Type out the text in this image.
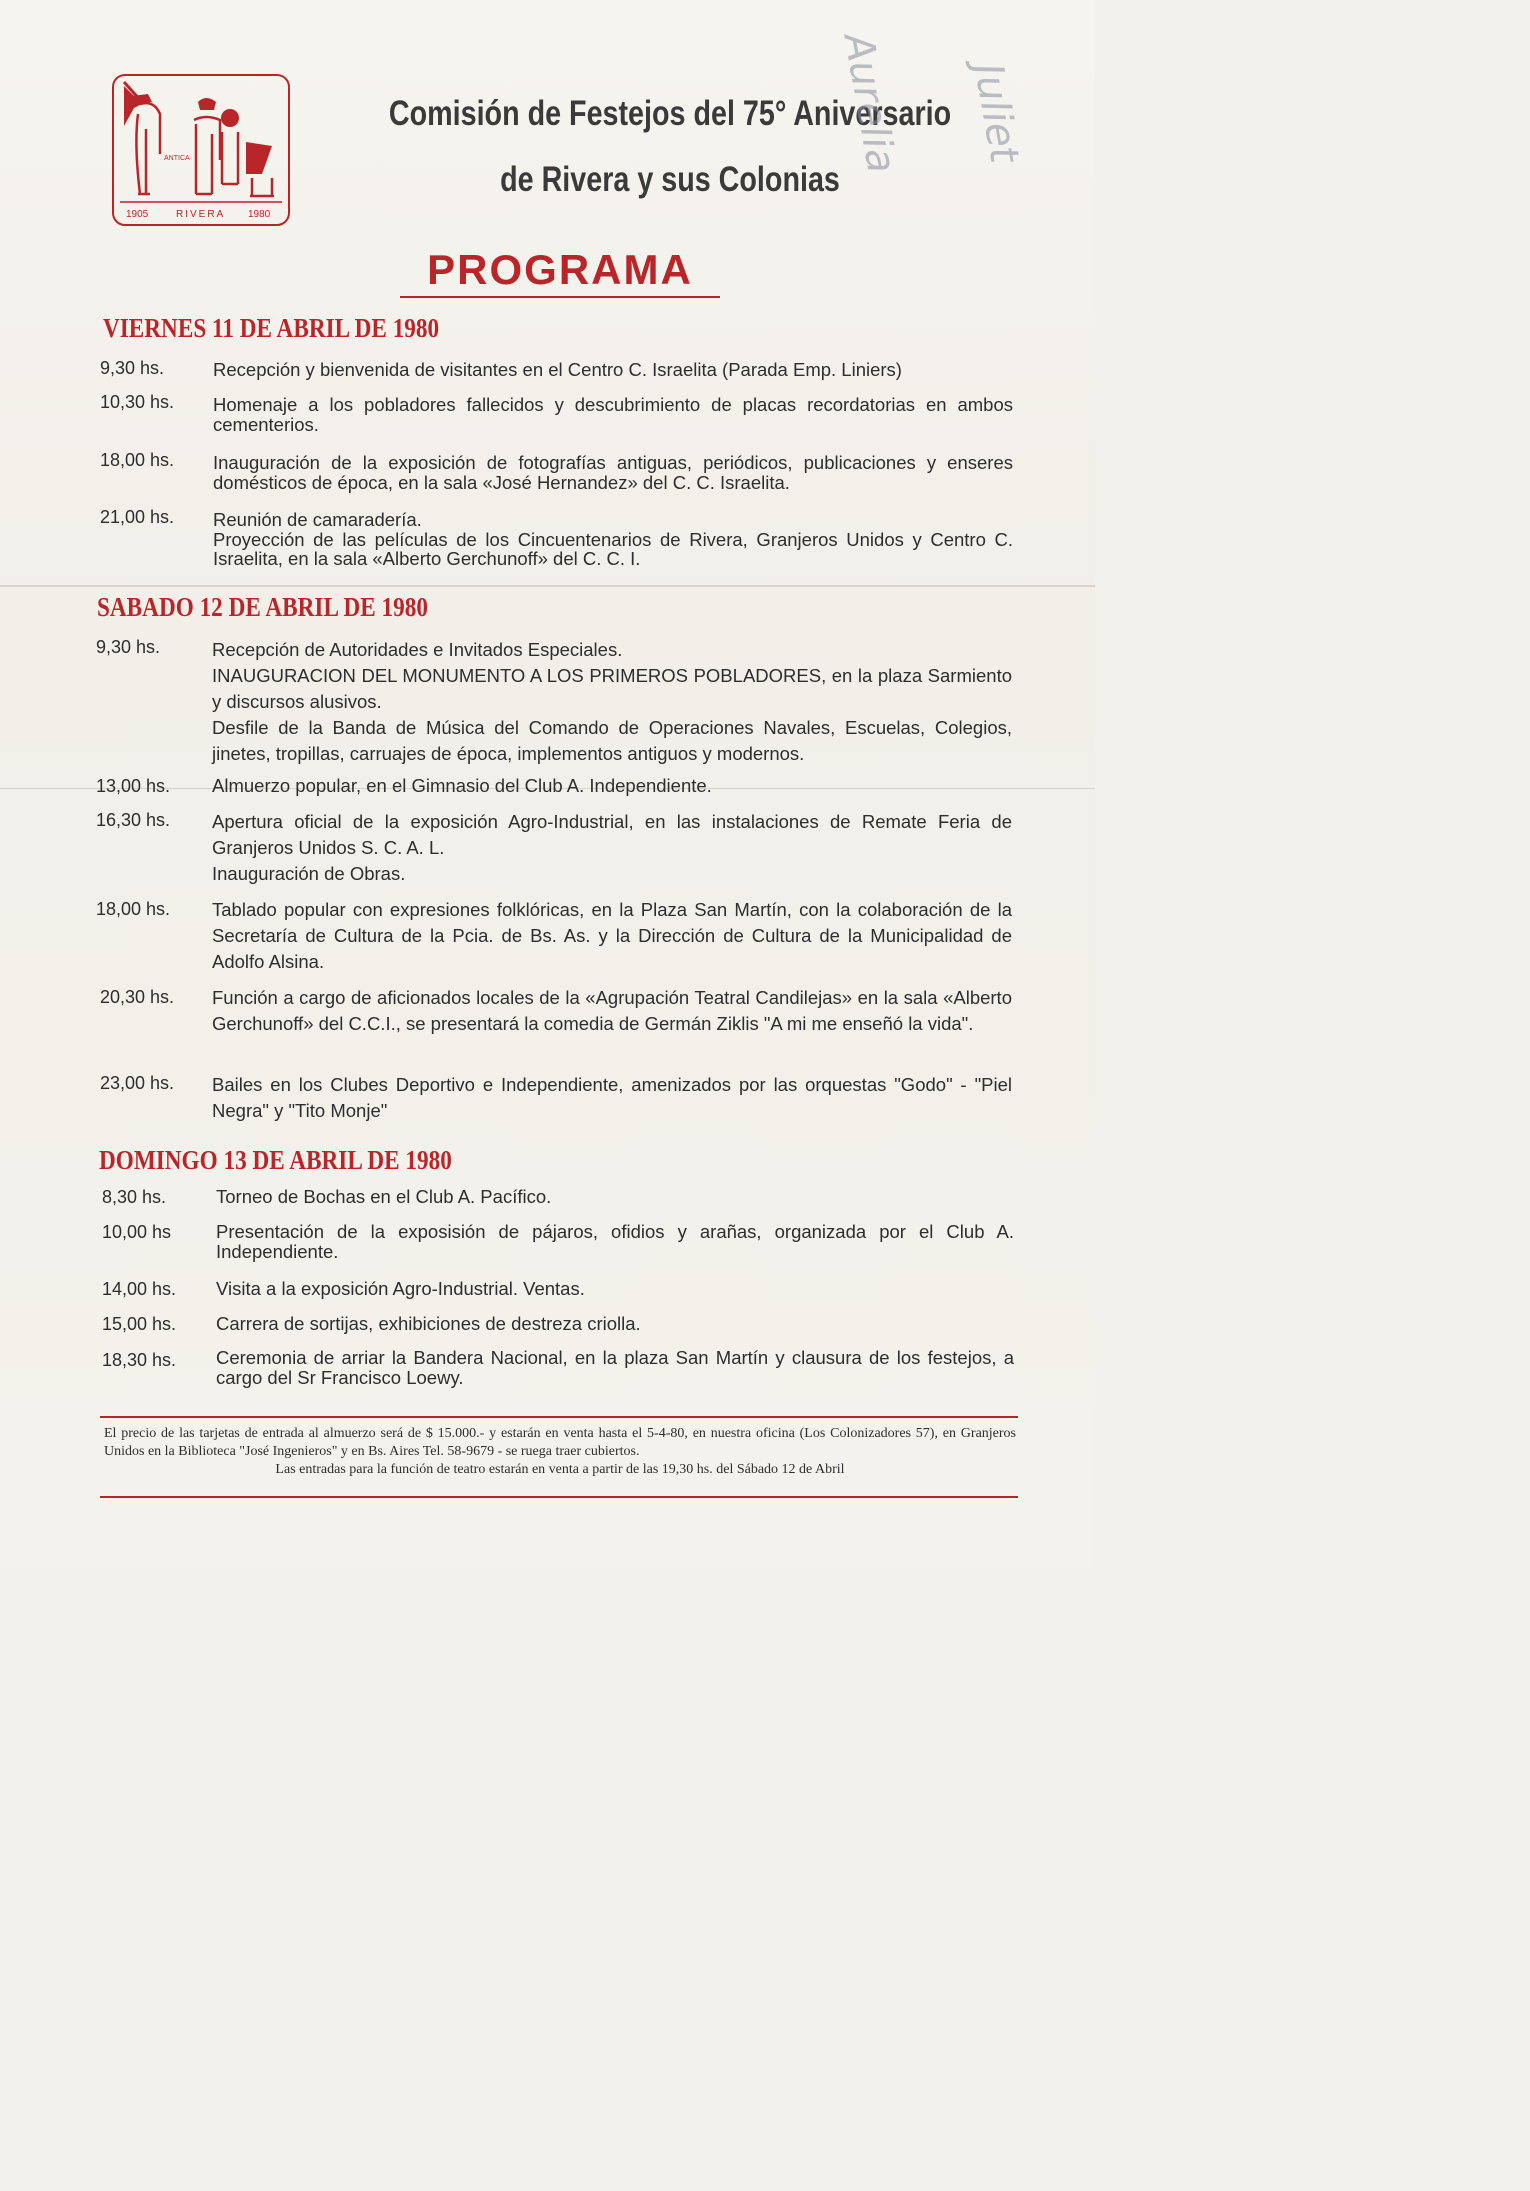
ANTICA
1905	RIVERA 1980
Comisión de Festejos del 75° Aniversario
de Rivera y sus Colonias
PROGRAMA
Aurelia Juliet
VIERNES 11 DE ABRIL DE 1980
9,30 hs.	Recepción y bienvenida de visitantes en el Centro C. Israelita (Parada Emp. Liniers)

10,30 hs. Homenaje a los pobladores fallecidos y descubrimiento de placas recordatorias en ambos cementerios.

18,00 hs. Inauguración de la exposición de fotografías antiguas, periódicos, publicaciones y enseres domésticos de época, en la sala «José Hernandez» del C. C. Israelita.

21,00 hs. Reunión de camaradería.

Proyección de las películas de los Cincuentenarios de Rivera, Granjeros Unidos y Centro C. Israelita, en la sala «Alberto Gerchunoff» del C. C. I.

SABADO 12 DE ABRIL DE 1980
9,30 hs.	Recepción de Autoridades e Invitados Especiales.

INAUGURACION DEL MONUMENTO A LOS PRIMEROS POBLADORES, en la plaza Sarmiento y discursos alusivos.

Desfile de la Banda de Música del Comando de Operaciones Navales, Escuelas, Colegios, jinetes, tropillas, carruajes de época, implementos antiguos y modernos.

13,00 hs. Almuerzo popular, en el Gimnasio del Club A. Independiente.

16,30 hs. Apertura oficial de la exposición Agro-Industrial, en las instalaciones de Remate Feria de Granjeros Unidos S. C. A. L.

Inauguración de Obras.

18,00 hs. Tablado popular con expresiones folklóricas, en la Plaza San Martín, con la colaboración de la Secretaría de Cultura de la Pcia. de Bs. As. y la Dirección de Cultura de la Municipalidad de Adolfo Alsina.

20,30 hs. Función a cargo de aficionados locales de la «Agrupación Teatral Candilejas» en la sala «Alberto Gerchunoff» del C.C.I., se presentará la comedia de Germán Ziklis "A mi me enseñó la vida".

23,00 hs. Bailes en los Clubes Deportivo e Independiente, amenizados por las orquestas "Godo" - "Piel Negra" y "Tito Monje"

DOMINGO 13 DE ABRIL DE 1980
8,30 hs.	Torneo de Bochas en el Club A. Pacífico.

10,00 hs Presentación de la exposisión de pájaros, ofidios y arañas, organizada por el Club A. Independiente.

14,00 hs. Visita a la exposición Agro-Industrial. Ventas.

15,00 hs. Carrera de sortijas, exhibiciones de destreza criolla.

18,30 hs. Ceremonia de arriar la Bandera Nacional, en la plaza San Martín y clausura de los festejos, a cargo del Sr Francisco Loewy.

El precio de las tarjetas de entrada al almuerzo será de $ 15.000.- y estarán en venta hasta el 5-4-80, en nuestra oficina (Los Colonizadores 57), en Granjeros Unidos en la Biblioteca "José Ingenieros" y en Bs. Aires Tel. 58-9679 - se ruega traer cubiertos.
Las entradas para la función de teatro estarán en venta a partir de las 19,30 hs. del Sábado 12 de Abril
